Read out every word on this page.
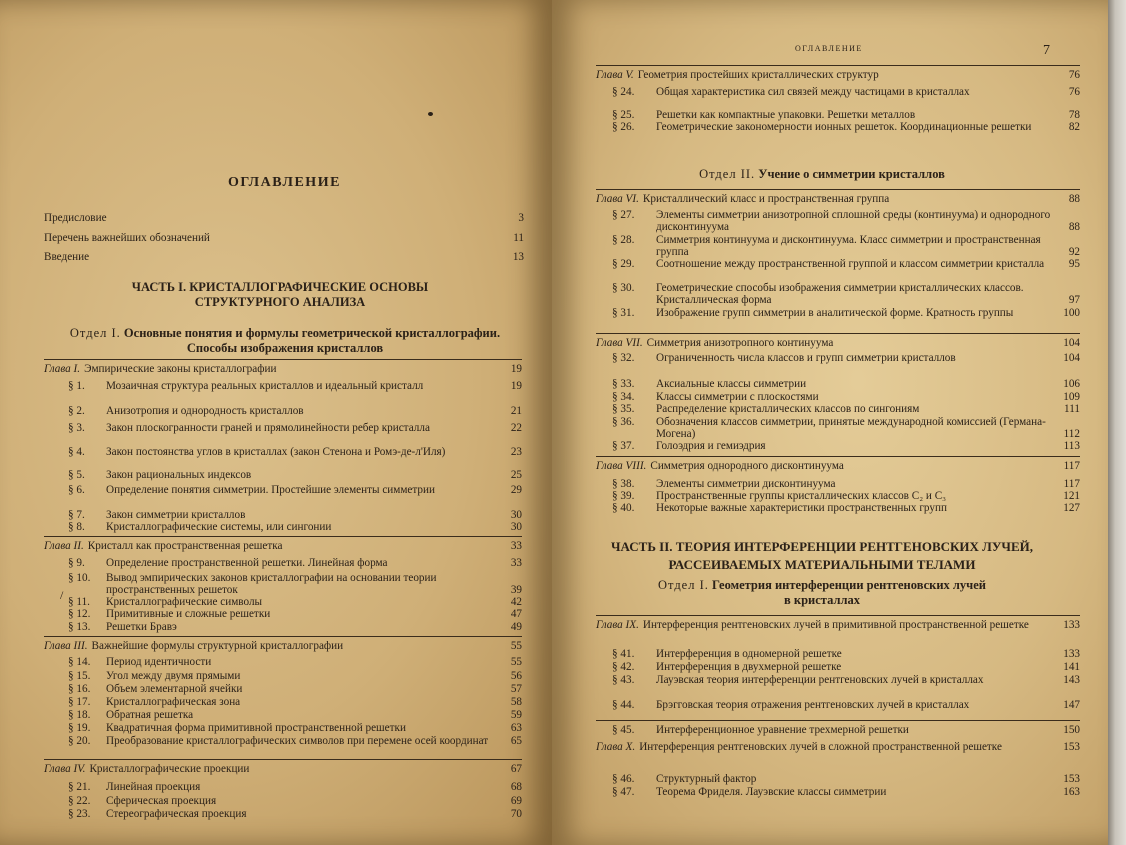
ОГЛАВЛЕНИЕ
Предисловие	3
Перечень важнейших обозначений	11
Введение	13
ЧАСТЬ I. КРИСТАЛЛОГРАФИЧЕСКИЕ ОСНОВЫ
СТРУКТУРНОГО АНАЛИЗА
Отдел I. Основные понятия и формулы геометрической кристаллографии.
Способы изображения кристаллов
Глава I. Эмпирические законы кристаллографии	19
§ 1.	Мозаичная структура реальных кристаллов и идеальный кристалл	19
§ 2.	Анизотропия и однородность кристаллов	21
§ 3.	Закон плоскогранности граней и прямолинейности ребер кристалла	22
§ 4.	Закон постоянства углов в кристаллах (закон Стенона и Ромэ-де-л'Иля)	23
§ 5.	Закон рациональных индексов	25
§ 6.	Определение понятия симметрии. Простейшие элементы симметрии	29
§ 7.	Закон симметрии кристаллов	30
§ 8.	Кристаллографические системы, или сингонии	30
Глава II. Кристалл как пространственная решетка	33
§ 9.	Определение пространственной решетки. Линейная форма	33
§ 10.	Вывод эмпирических законов кристаллографии на основании теории пространственных решеток	39
§ 11.	Кристаллографические символы	42
§ 12.	Примитивные и сложные решетки	47
§ 13.	Решетки Бравэ	49
Глава III. Важнейшие формулы структурной кристаллографии	55
§ 14.	Период идентичности	55
§ 15.	Угол между двумя прямыми	56
§ 16.	Объем элементарной ячейки	57
§ 17.	Кристаллографическая зона	58
§ 18.	Обратная решетка	59
§ 19.	Квадратичная форма примитивной пространственной решетки	63
§ 20.	Преобразование кристаллографических символов при перемене осей координат	65
Глава IV. Кристаллографические проекции	67
§ 21.	Линейная проекция	68
§ 22.	Сферическая проекция	69
§ 23.	Стереографическая проекция	70
/
Глава V. Геометрия простейших кристаллических структур	76
§ 24.	Общая характеристика сил связей между частицами в кристаллах	76
§ 25.	Решетки как компактные упаковки. Решетки металлов	78
§ 26.	Геометрические закономерности ионных решеток. Координационные решетки	82
Глава VI. Кристаллический класс и пространственная группа	88
§ 27.	Элементы симметрии анизотропной сплошной среды (континуума) и однородного дисконтинуума	88
§ 28.	Симметрия континуума и дисконтинуума. Класс симметрии и пространственная группа	92
§ 29.	Соотношение между пространственной группой и классом симметрии кристалла	95
§ 30.	Геометрические способы изображения симметрии кристаллических классов. Кристаллическая форма	97
§ 31.	Изображение групп симметрии в аналитической форме. Кратность группы	100
Глава VII. Симметрия анизотропного континуума	104
§ 32.	Ограниченность числа классов и групп симметрии кристаллов	104
§ 33.	Аксиальные классы симметрии	106
§ 34.	Классы симметрии с плоскостями	109
§ 35.	Распределение кристаллических классов по сингониям	111
§ 36.	Обозначения классов симметрии, принятые международной комиссией (Германа-Могена)	112
§ 37.	Голоэдрия и гемиэдрия	113
Глава VIII. Симметрия однородного дисконтинуума	117
§ 38.	Элементы симметрии дисконтинуума	117
§ 39.	Пространственные группы кристаллических классов C₂ и C₃	121
§ 40.	Некоторые важные характеристики пространственных групп	127
Глава IX. Интерференция рентгеновских лучей в примитивной пространственной решетке	133
§ 41.	Интерференция в одномерной решетке	133
§ 42.	Интерференция в двухмерной решетке	141
§ 43.	Лауэвская теория интерференции рентгеновских лучей в кристаллах	143
§ 44.	Брэгговская теория отражения рентгеновских лучей в кристаллах	147
§ 45.	Интерференционное уравнение трехмерной решетки	150
Глава X. Интерференция рентгеновских лучей в сложной пространственной решетке	153
§ 46.	Структурный фактор	153
§ 47.	Теорема Фриделя. Лауэвские классы симметрии	163
Отдел II. Учение о симметрии кристаллов
ЧАСТЬ II. ТЕОРИЯ ИНТЕРФЕРЕНЦИИ РЕНТГЕНОВСКИХ ЛУЧЕЙ,
РАССЕИВАЕМЫХ МАТЕРИАЛЬНЫМИ ТЕЛАМИ
Отдел I. Геометрия интерференции рентгеновских лучей
в кристаллах
ОГЛАВЛЕНИЕ	7
